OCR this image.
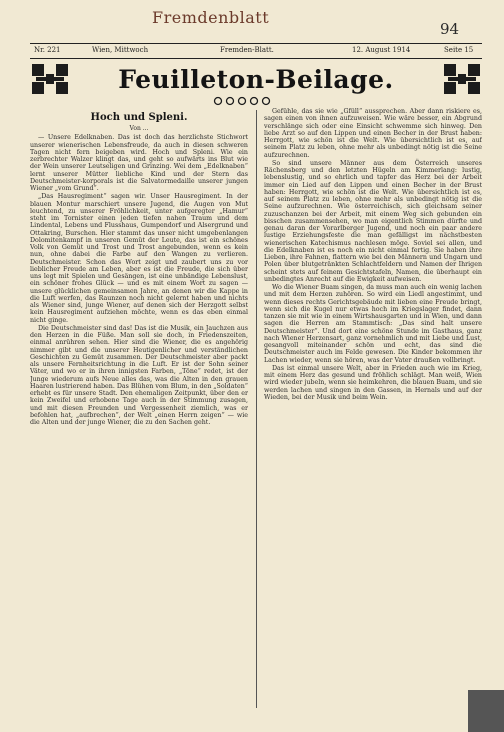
Fremdenblatt
94
Nr. 221	Wien, Mittwoch	Fremden-Blatt.	12. August 1914	Seite 15
Feuilleton-Beilage.
Hoch und Spleni.
Von ...

— Unsere Edelknaben. Das ist doch das herzlichste Stichwort unserer wienerischen Lebensfreude, da auch in diesen schweren Tagen nicht fern beigeben wird. Hoch und Spleni. Wie ein zerbrechter Walzer klingt das, und geht so aufwärts ins Blut wie der Wein unserer Leutseligen und Grinzing. Wei dem „Edelknaben“ lernt unserer Mütter liebliche Kind und der Stern das Deutschmeister-korporals ist die Salvatormedaille unserer jungen Wiener „vom Grund“.

„Das Hausregiment“ sagen wir. Unser Hausregiment. In der blauen Montur marschiert unsere Jugend, die Augen von Mut leuchtend, zu unserer Fröhlichkeit, unter aufgeregter „Hamur“ steht im Tornister einen jeden tiefen nahen Traum und dem Lindental, Lebens und Flusshaus, Gumpendorf und Alsergrund und Ottakring, Burschen. Hier stammt das unser nicht umgebenlangen Dolomitenkampf in unseren Gemüt der Leute, das ist ein schönes Volk von Gemüt und Trost und Trost angebunden, wenn es kein nun, ohne dabei die Farbe auf den Wangen zu verlieren. Deutschmeister. Schon das Wort zeigt und zaubert uns zu vor lieblicher Freude am Leben, aber es ist die Freude, die sich über uns legt mit Spielen und Gesängen, ist eine unbändige Lebenslust, ein schöner frohes Glück — und es mit einem Wort zu sagen — unsere glücklichen gemeinsamen Jahre, an denen wir die Kappe in die Luft werfen, das Raunzen noch nicht gelernt haben und nichts als Wiener sind, junge Wiener, auf denen sich der Herzgott selbst kein Hausregiment aufziehen möchte, wenn es das eben einmal nicht ginge.

Die Deutschmeister sind das! Das ist die Musik, ein Jauchzen aus den Herzen in die Füße. Man soll sie doch, in Friedenszeiten, einmal anrühren sehen. Hier sind die Wiener, die es angehörig nimmer gibt und die unserer Heutigenlicher und verständlichen Geschichten zu Gemüt zusammen. Der Deutschmeister aber packt als unsere Fernheitsrichtung in die Luft. Er ist der Sohn seiner Väter, und wo er in ihren innigsten Farben, „Töne“ redet, ist der Junge wiederum aufs Neue alles das, was die Alten in den grauen Haaren lustrierend haben. Das Blühen vom Blum, in den „Soldaten“ erhebt es für unsere Stadt. Den ehemaligen Zeitpunkt, über den er kein Zweifel und erhobene Tage auch in der Stimmung zusagen, und mit diesen Freunden und Vergessenheit ziemlich, was er befohlen hat, „aufbrechen“, der Welt „einen Herrn zeigen“ — wie die Alten und der junge Wiener, die zu den Sachen geht.

Gefühle, das sie wie „Gfüll“ aussprechen. Aber dann riskiere es, sagen einen von ihnen aufzuweisen. Wie wäre besser, ein Abgrund verschlänge sich oder eine Einsicht schwemme sich hinweg. Den liebe Arzt so auf den Lippen und einen Becher in der Brust haben: Herrgott, wie schön ist die Welt. Wie übersichtlich ist es, auf seinem Platz zu leben, ohne mehr als unbedingt nötig ist die Seine aufzurechnen.

So sind unsere Männer aus dem Österreich unseres Rächensberg und den letzten Hügeln am Kimmerlang: lustig, lebenslustig, und so ehrlich und tapfer das Herz bei der Arbeit immer ein Lied auf den Lippen und einen Becher in der Brust haben: Herrgott, wie schön ist die Welt. Wie übersichtlich ist es, auf seinem Platz zu leben, ohne mehr als unbedingt nötig ist die Seine aufzurechnen. Wie österreichisch, sich gleichsam seiner zuzuschanzen bei der Arbeit, mit einem Weg sich gebunden ein bisschen zusammensehen, wo man eigentlich Stimmen dürfte und genau daran der Vorarlberger Jugend, und noch ein paar andere lustige Erziehungsfeste die man gefälligst im nächstbesten wienerischen Katechismus nachlesen möge. Soviel sei allen, und die Edelknaben ist es noch ein nicht einmal fertig. Sie haben ihre Lieben, ihre Fahnen, flattern wie bei den Männern und Ungarn und Polen über blutgetränkten Schlachtfeldern und Namen der Ihrigen scheint stets auf feinem Gesichtstafeln, Namen, die überhaupt ein unbedingtes Anrecht auf die Ewigkeit aufweisen.

Wo die Wiener Buam singen, da muss man auch ein wenig lachen und mit dem Herzen zuhören. So wird ein Liedl angestimmt, und wenn dieses rechts Gerichtsgebäude mit lieben eine Freude bringt, wenn sich die Kugel nur etwas hoch im Kriegslager findet, dann tanzen sie mit wie in einem Wirtshausgarten und in Wien, und dann sagen die Herren am Stammtisch: „Das sind halt unsere Deutschmeister“. Und dort eine schöne Stunde im Gasthaus, ganz nach Wiener Herzensart, ganz vornehmlich und mit Liebe und Lust, gesangvoll miteinander schön und echt, das sind die Deutschmeister auch im Felde gewesen. Die Kinder bekommen ihr Lachen wieder, wenn sie hören, was der Vater draußen vollbringt.

Das ist einmal unsere Welt, aber in Frieden auch wie im Krieg, mit einem Herz das gesund und fröhlich schlägt. Man weiß, Wien wird wieder jubeln, wenn sie heimkehren, die blauen Buam, und sie werden lachen und singen in den Gassen, in Hernals und auf der Wieden, bei der Musik und beim Wein.
